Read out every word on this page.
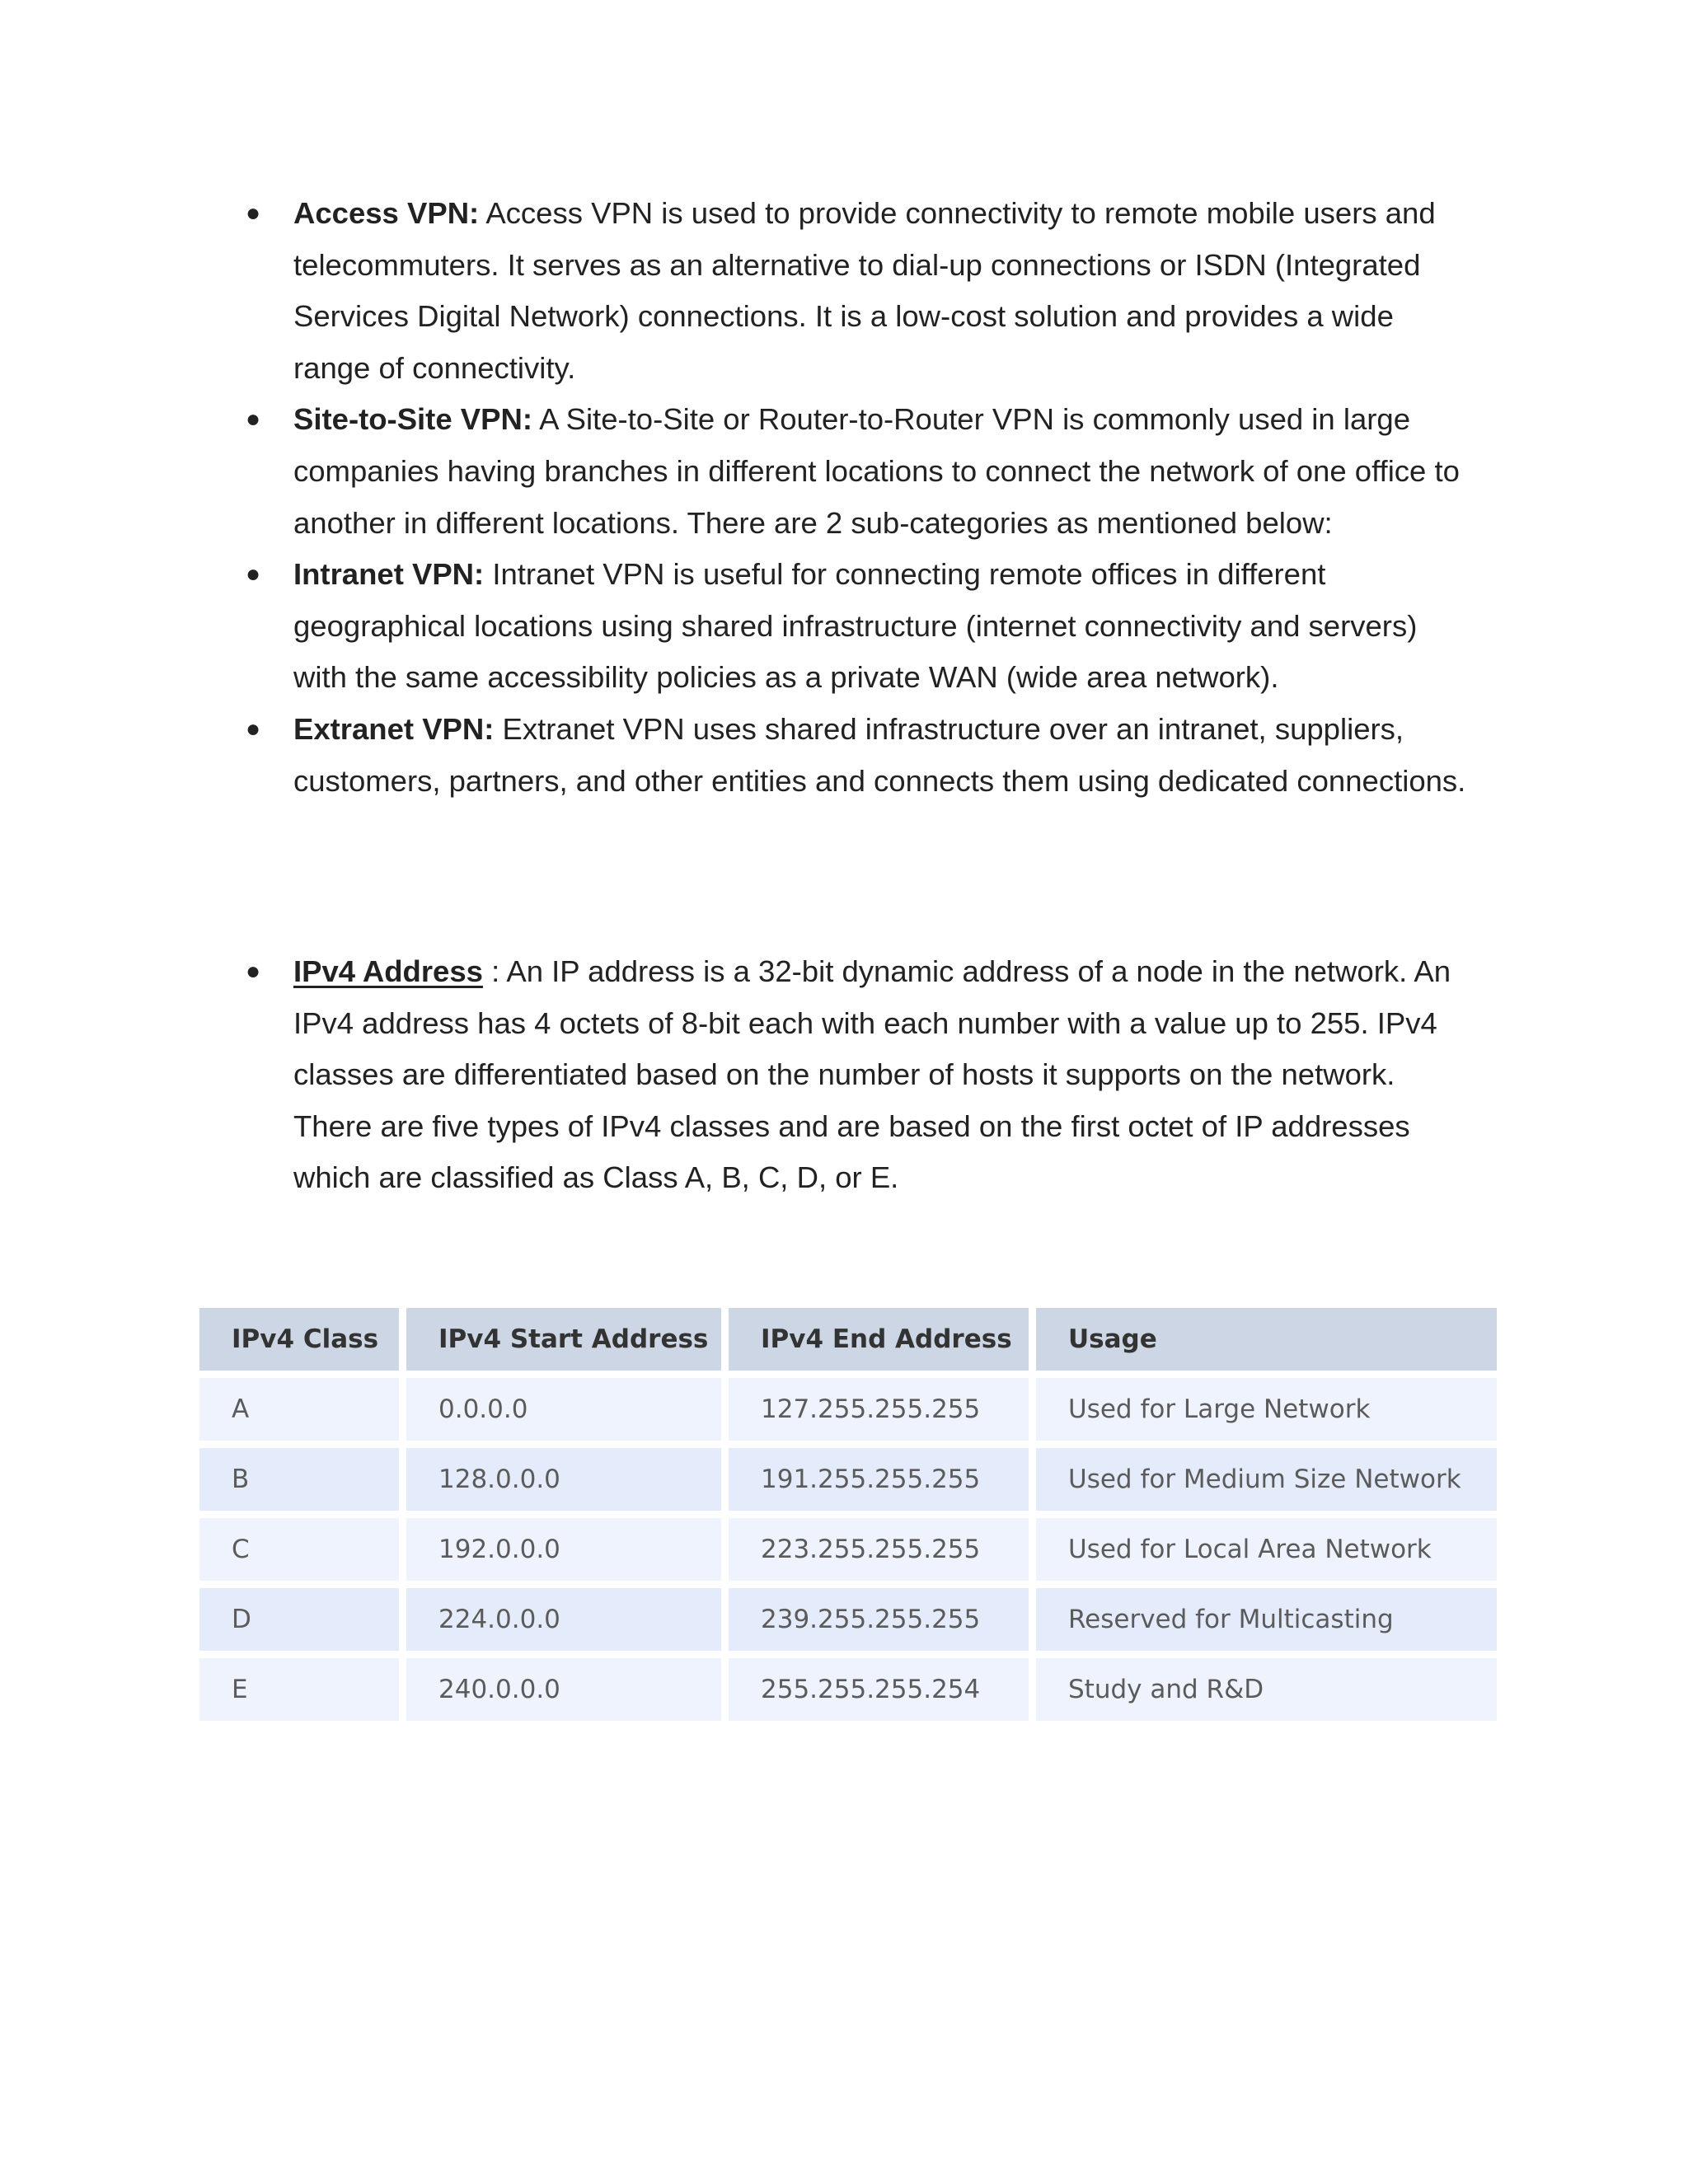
● Access VPN: Access VPN is used to provide connectivity to remote mobile users and telecommuters. It serves as an alternative to dial-up connections or ISDN (Integrated Services Digital Network) connections. It is a low-cost solution and provides a wide range of connectivity.
● Site-to-Site VPN: A Site-to-Site or Router-to-Router VPN is commonly used in large companies having branches in different locations to connect the network of one office to another in different locations. There are 2 sub-categories as mentioned below:
● Intranet VPN: Intranet VPN is useful for connecting remote offices in different geographical locations using shared infrastructure (internet connectivity and servers) with the same accessibility policies as a private WAN (wide area network).
● Extranet VPN: Extranet VPN uses shared infrastructure over an intranet, suppliers, customers, partners, and other entities and connects them using dedicated connections.
● IPv4 Address : An IP address is a 32-bit dynamic address of a node in the network. An IPv4 address has 4 octets of 8-bit each with each number with a value up to 255. IPv4 classes are differentiated based on the number of hosts it supports on the network. There are five types of IPv4 classes and are based on the first octet of IP addresses which are classified as Class A, B, C, D, or E.
IPv4 Class	IPv4 Start Address	IPv4 End Address	Usage
A	0.0.0.0	127.255.255.255	Used for Large Network
B	128.0.0.0	191.255.255.255	Used for Medium Size Network
C	192.0.0.0	223.255.255.255	Used for Local Area Network
D	224.0.0.0	239.255.255.255	Reserved for Multicasting
E	240.0.0.0	255.255.255.254	Study and R&D
